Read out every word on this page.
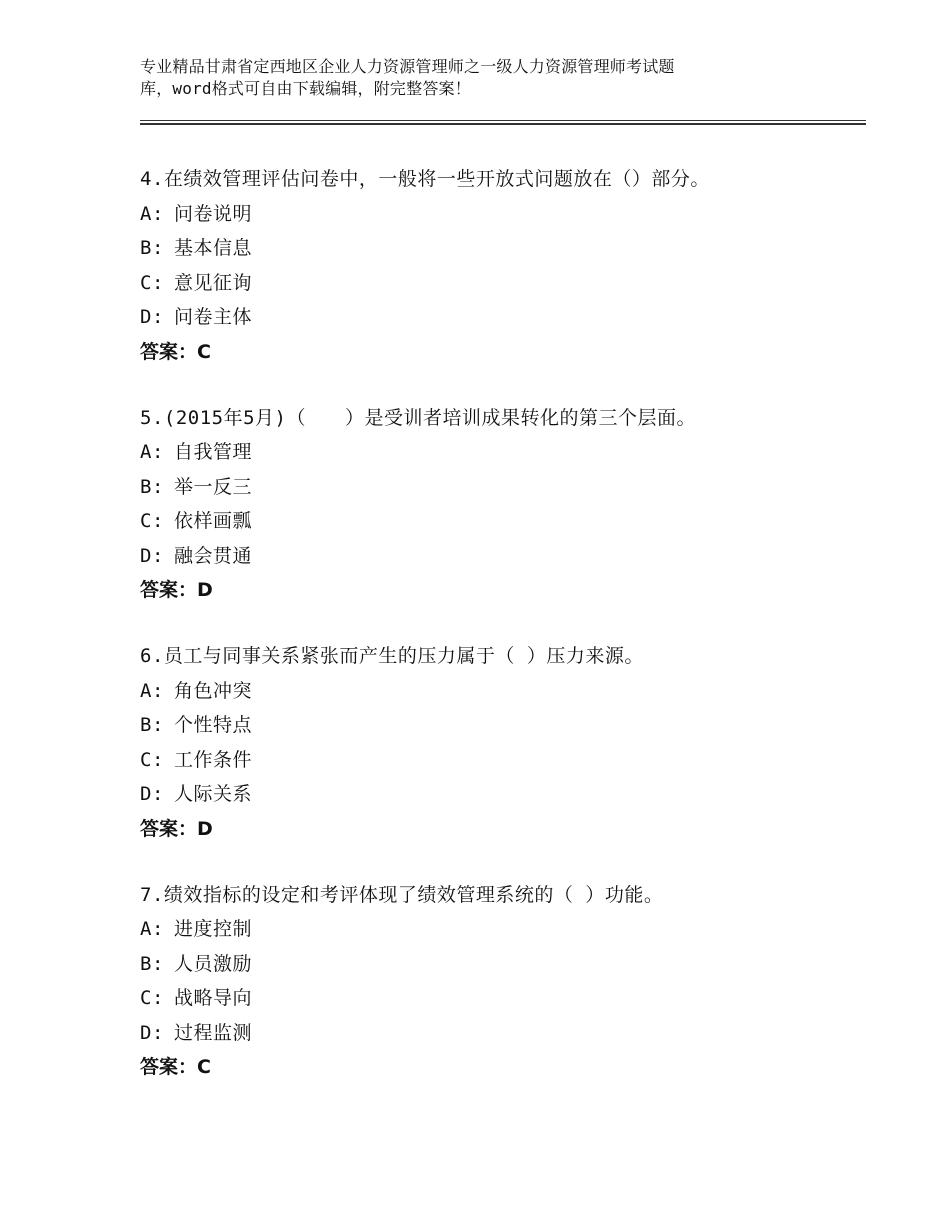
专业精品甘肃省定西地区企业人力资源管理师之一级人力资源管理师考试题
库，word格式可自由下载编辑，附完整答案！
4.在绩效管理评估问卷中，一般将一些开放式问题放在（）部分。
A: 问卷说明
B: 基本信息
C: 意见征询
D: 问卷主体
答案：C
5.(2015年5月)（　　）是受训者培训成果转化的第三个层面。
A: 自我管理
B: 举一反三
C: 依样画瓢
D: 融会贯通
答案：D
6.员工与同事关系紧张而产生的压力属于（ ）压力来源。
A: 角色冲突
B: 个性特点
C: 工作条件
D: 人际关系
答案：D
7.绩效指标的设定和考评体现了绩效管理系统的（ ）功能。
A: 进度控制
B: 人员激励
C: 战略导向
D: 过程监测
答案：C
